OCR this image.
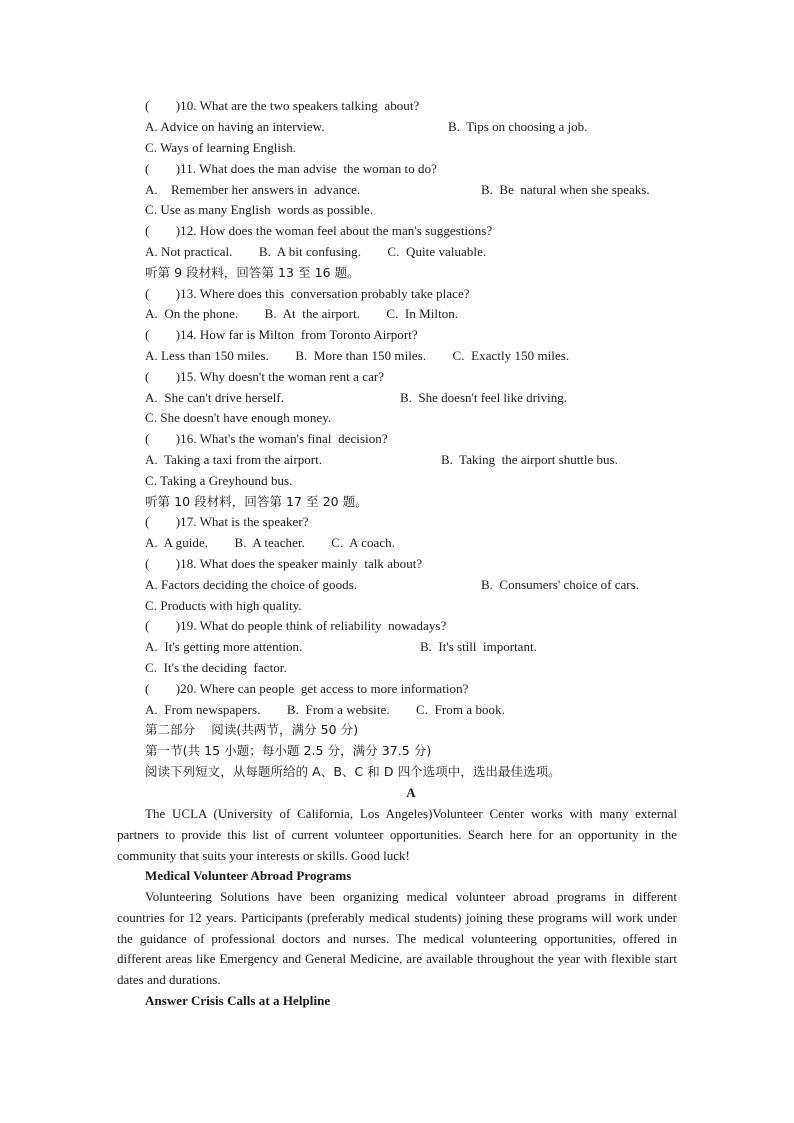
(        )10. What are the two speakers talking  about?
A. Advice on having an interview.	B.  Tips on choosing a job.
C. Ways of learning English.
(        )11. What does the man advise  the woman to do?
A.    Remember her answers in  advance.	B.  Be  natural when she speaks.
C. Use as many English  words as possible.
(        )12. How does the woman feel about the man's suggestions?
A. Not practical.        B.  A bit confusing.        C.  Quite valuable.
听第 9 段材料，回答第 13 至 16 题。
(        )13. Where does this  conversation probably take place?
A.  On the phone.        B.  At  the airport.        C.  In Milton.
(        )14. How far is Milton  from Toronto Airport?
A. Less than 150 miles.        B.  More than 150 miles.        C.  Exactly 150 miles.
(        )15. Why doesn't the woman rent a car?
A.  She can't drive herself.	B.  She doesn't feel like driving.
C. She doesn't have enough money.
(        )16. What's the woman's final  decision?
A.  Taking a taxi from the airport.	B.  Taking  the airport shuttle bus.
C. Taking a Greyhound bus.
听第 10 段材料，回答第 17 至 20 题。
(        )17. What is the speaker?
A.  A guide.        B.  A teacher.        C.  A coach.
(        )18. What does the speaker mainly  talk about?
A. Factors deciding the choice of goods.	B.  Consumers' choice of cars.
C. Products with high quality.
(        )19. What do people think of reliability  nowadays?
A.  It's getting more attention.	B.  It's still  important.
C.  It's the deciding  factor.
(        )20. Where can people  get access to more information?
A.  From newspapers.        B.  From a website.        C.  From a book.
第二部分    阅读(共两节，满分 50 分)
第一节(共 15 小题；每小题 2.5 分，满分 37.5 分)
阅读下列短文，从每题所给的 A、B、C 和 D 四个选项中，选出最佳选项。
A
The UCLA (University of California, Los Angeles)Volunteer Center works with many external partners to provide this list of current volunteer opportunities. Search here for an opportunity in the community that suits your interests or skills. Good luck!
Medical Volunteer Abroad Programs
Volunteering Solutions have been organizing medical volunteer abroad programs in different countries for 12 years. Participants (preferably medical students) joining these programs will work under the guidance of professional doctors and nurses. The medical volunteering opportunities, offered in different areas like Emergency and General Medicine, are available throughout the year with flexible start dates and durations.
Answer Crisis Calls at a Helpline
